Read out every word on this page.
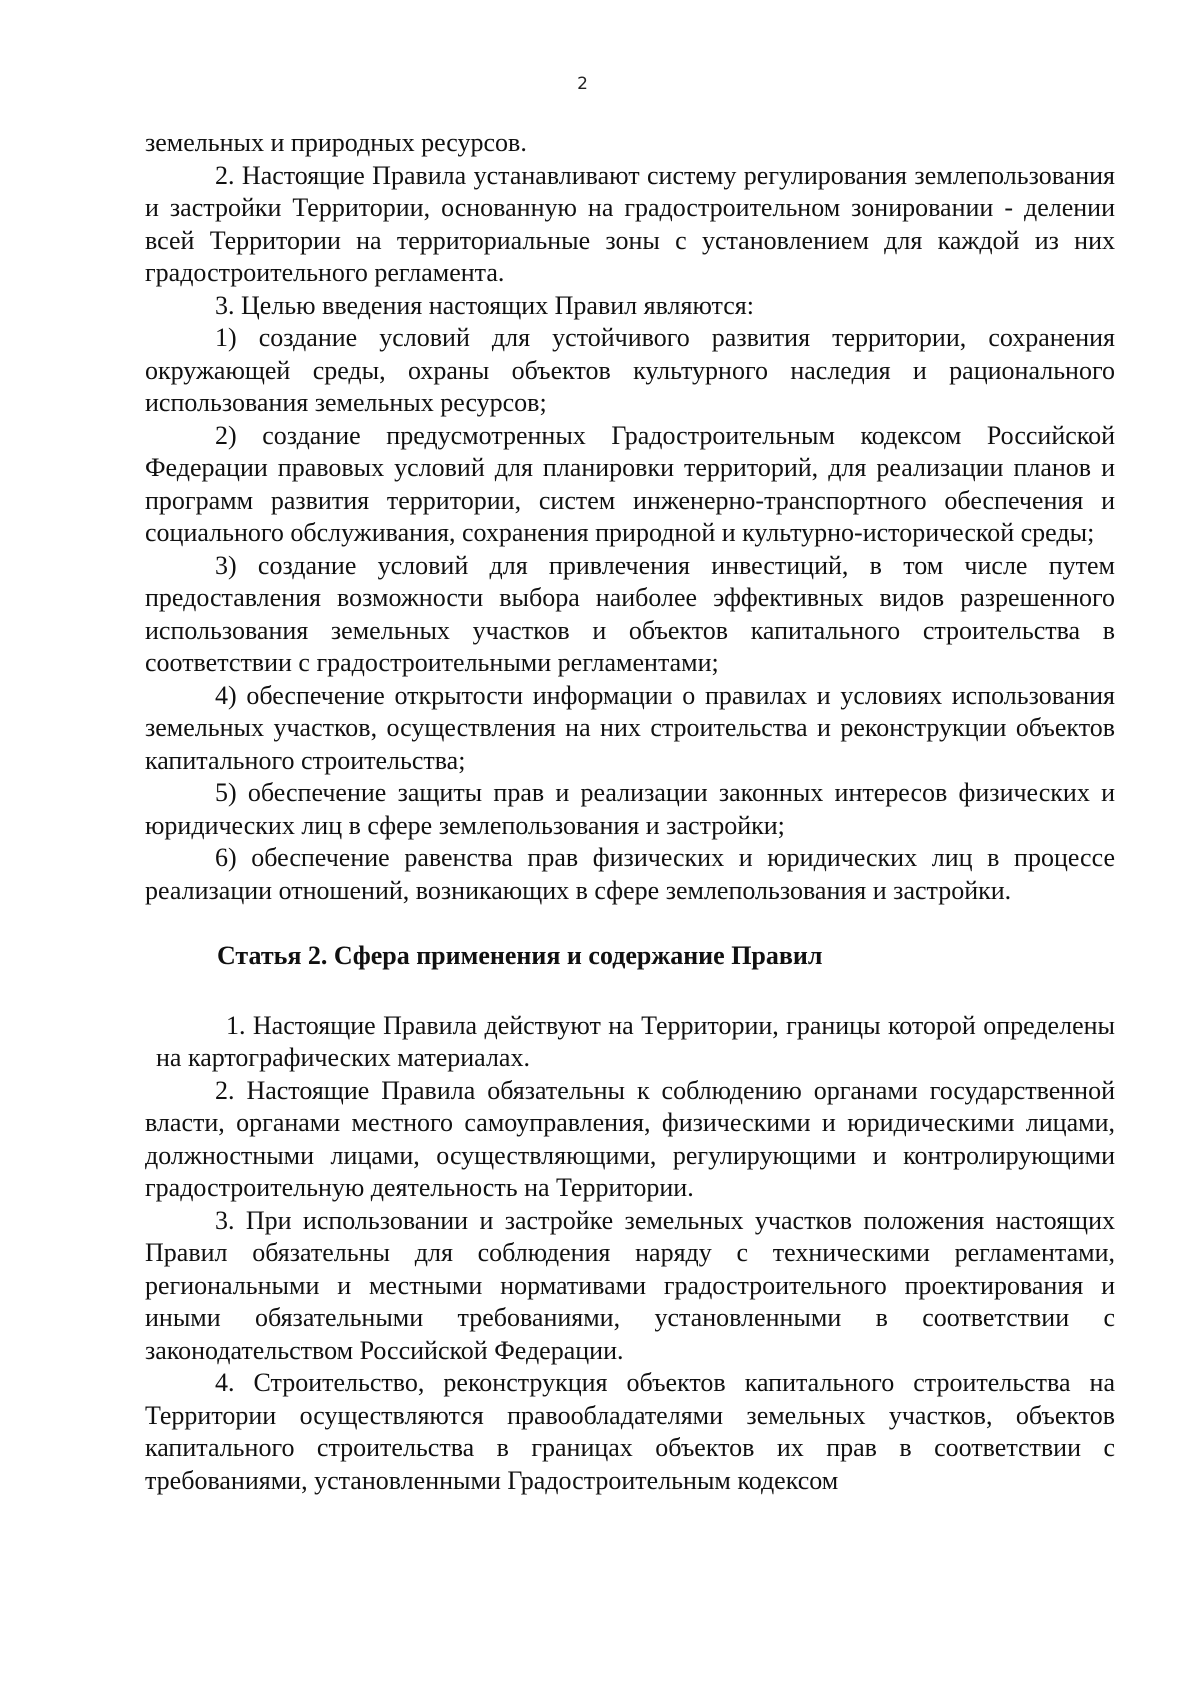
2

земельных и природных ресурсов.

2. Настоящие Правила устанавливают систему регулирования землепользования и застройки Территории, основанную на градостроительном зонировании - делении всей Территории на территориальные зоны с установлением для каждой из них градостроительного регламента.

3. Целью введения настоящих Правил являются:

1) создание условий для устойчивого развития территории, сохранения окружающей среды, охраны объектов культурного наследия и рационального использования земельных ресурсов;

2) создание предусмотренных Градостроительным кодексом Российской Федерации правовых условий для планировки территорий, для реализации планов и программ развития территории, систем инженерно-транспортного обеспечения и социального обслуживания, сохранения природной и культурно-исторической среды;

3) создание условий для привлечения инвестиций, в том числе путем предоставления возможности выбора наиболее эффективных видов разрешенного использования земельных участков и объектов капитального строительства в соответствии с градостроительными регламентами;

4) обеспечение открытости информации о правилах и условиях использования земельных участков, осуществления на них строительства и реконструкции объектов капитального строительства;

5) обеспечение защиты прав и реализации законных интересов физических и юридических лиц в сфере землепользования и застройки;

6) обеспечение равенства прав физических и юридических лиц в процессе реализации отношений, возникающих в сфере землепользования и застройки.

Статья 2. Сфера применения и содержание Правил

1. Настоящие Правила действуют на Территории, границы которой определены на картографических материалах.

2. Настоящие Правила обязательны к соблюдению органами государственной власти, органами местного самоуправления, физическими и юридическими лицами, должностными лицами, осуществляющими, регулирующими и контролирующими градостроительную деятельность на Территории.

3. При использовании и застройке земельных участков положения настоящих Правил обязательны для соблюдения наряду с техническими регламентами, региональными и местными нормативами градостроительного проектирования и иными обязательными требованиями, установленными в соответствии с законодательством Российской Федерации.

4. Строительство, реконструкция объектов капитального строительства на Территории осуществляются правообладателями земельных участков, объектов капитального строительства в границах объектов их прав в соответствии с требованиями, установленными Градостроительным кодексом
